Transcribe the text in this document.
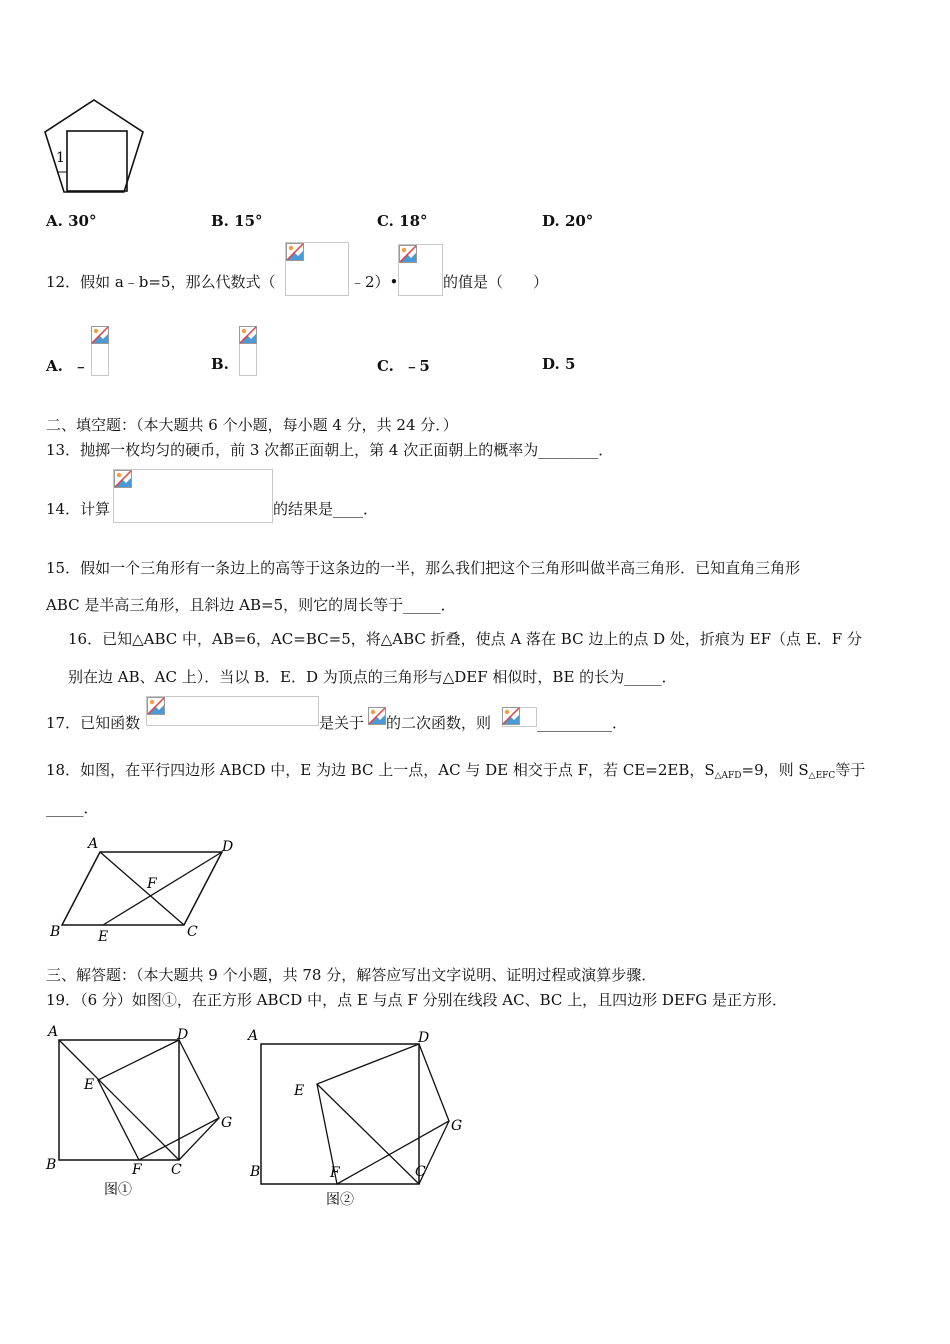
1
A. 30°	B. 15°	C. 18°	D. 20°
12．假如 a﹣b=5，那么代数式（	﹣2）•	的值是（　　）
A. ﹣	B.	C. ﹣5	D. 5
二、填空题：（本大题共 6 个小题，每小题 4 分，共 24 分．）
13．抛掷一枚均匀的硬币，前 3 次都正面朝上，第 4 次正面朝上的概率为________．
14．计算	的结果是____．
15．假如一个三角形有一条边上的高等于这条边的一半，那么我们把这个三角形叫做半高三角形．已知直角三角形
ABC 是半高三角形，且斜边 AB=5，则它的周长等于_____．
16．已知△ABC 中，AB=6，AC=BC=5，将△ABC 折叠，使点 A 落在 BC 边上的点 D 处，折痕为 EF（点 E．F 分
别在边 AB、AC 上）．当以 B．E．D 为顶点的三角形与△DEF 相似时，BE 的长为_____．
17．已知函数	是关于 的二次函数，则	__________．
18．如图，在平行四边形 ABCD 中，E 为边 BC 上一点，AC 与 DE 相交于点 F，若 CE=2EB，$S_{\triangle AFD}=9$，则 $S_{\triangle EFC}$等于
_____．
A	D
F
B	E	C
三、解答题：（本大题共 9 个小题，共 78 分，解答应写出文字说明、证明过程或演算步骤．
19．（6 分）如图①，在正方形 ABCD 中，点 E 与点 F 分别在线段 AC、BC 上，且四边形 DEFG 是正方形．
A	D
E
G
B	F C
图①
A	D
E
G
B	F	C
图②
